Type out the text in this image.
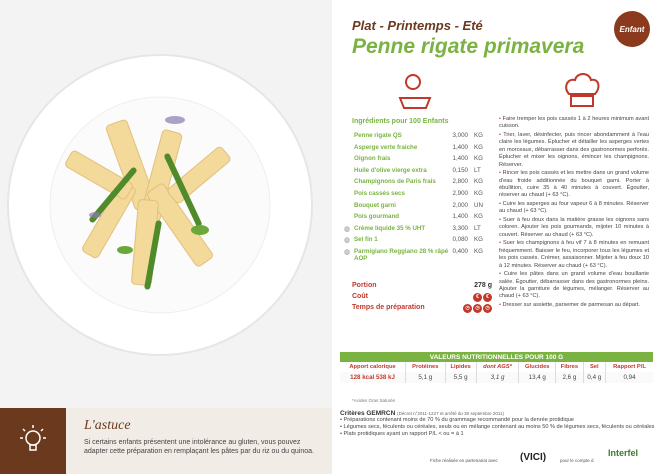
L'astuce
Si certains enfants présentent une intolérance au gluten, vous pouvez adapter cette préparation en remplaçant les pâtes par du riz ou du quinoa.
Plat - Printemps - Eté
Penne rigate primavera
Enfant
Ingrédients pour 100 Enfants
Penne rigate QS	3,000 KG
Asperge verte fraiche	1,400 KG
Oignon frais	1,400 KG
Huile d'olive vierge extra	0,150 LT
Champignons de Paris frais	2,800 KG
Pois cassés secs	2,900 KG
Bouquet garni	2,000 UN
Pois gourmand	1,400 KG
◍ Crème liquide 35 % UHT	3,300 LT
◍ Sel fin 1	0,080 KG
◍ Parmigiano Reggiano 28 % râpé AOP
0,400 KG
Portion	278 g
Coût	€ €
Temps de préparation	◷ ◷ ◷
• Faire tremper les pois cassés 1 à 2 heures minimum avant cuisson.
• Trier, laver, désinfecter, puis rincer abondamment à l'eau claire les légumes. Éplucher et détailler les asperges vertes en morceaux, débarrasser dans des gastronormes perforés. Éplucher et mixer les oignons, émincer les champignons. Réserver.
• Rincer les pois cassés et les mettre dans un grand volume d'eau froide additionnée du bouquet garni. Porter à ébullition, cuire 35 à 40 minutes à couvert. Égoutter, réserver au chaud (+ 63 °C).
• Cuire les asperges au four vapeur 6 à 8 minutes. Réserver au chaud (+ 63 °C).
• Suer à feu doux dans la matière grasse les oignons sans coloren. Ajouter les pois gourmands, mijoter 10 minutes à couvert. Réserver au chaud (+ 63 °C).
• Suer les champignons à feu vif 7 à 8 minutes en remuant fréquemment. Baisser le feu, incorporer tous les légumes et les pois cassés. Crémer, assaisonner. Mijoter à feu doux 10 à 12 minutes. Réserver au chaud (+ 63 °C).
• Cuire les pâtes dans un grand volume d'eau bouillante salée. Égoutter, débarrasser dans des gastronormes pleins. Ajouter la garniture de légumes, mélanger. Réserver au chaud (+ 63 °C).
• Dresser sur assiette, parsemer de parmesan au départ.
VALEURS NUTRITIONNELLES POUR 100 G							
Apport calorique	Protéines	Lipides	dont AGS*	Glucides	Fibres	Sel	Rapport P/L
128 kcal 538 kJ	5,1 g	5,5 g	3,1 g	13,4 g	2,6 g	0,4 g	0,94
*Acides Gras Saturés
Critères GEMRCN (Décret n°2011-1227 et arrêté du 30 septembre 2011)
• Préparations contenant moins de 70 % du grammage recommandé pour la denrée protidique
• Légumes secs, féculents ou céréales, seuls ou en mélange contenant au moins 50 % de légumes secs, féculents ou céréales
• Plats protidiques ayant un rapport P/L < ou = à 1
Fiche réalisée en partenariat avec (VICI)	pour le compte d
Interfel
